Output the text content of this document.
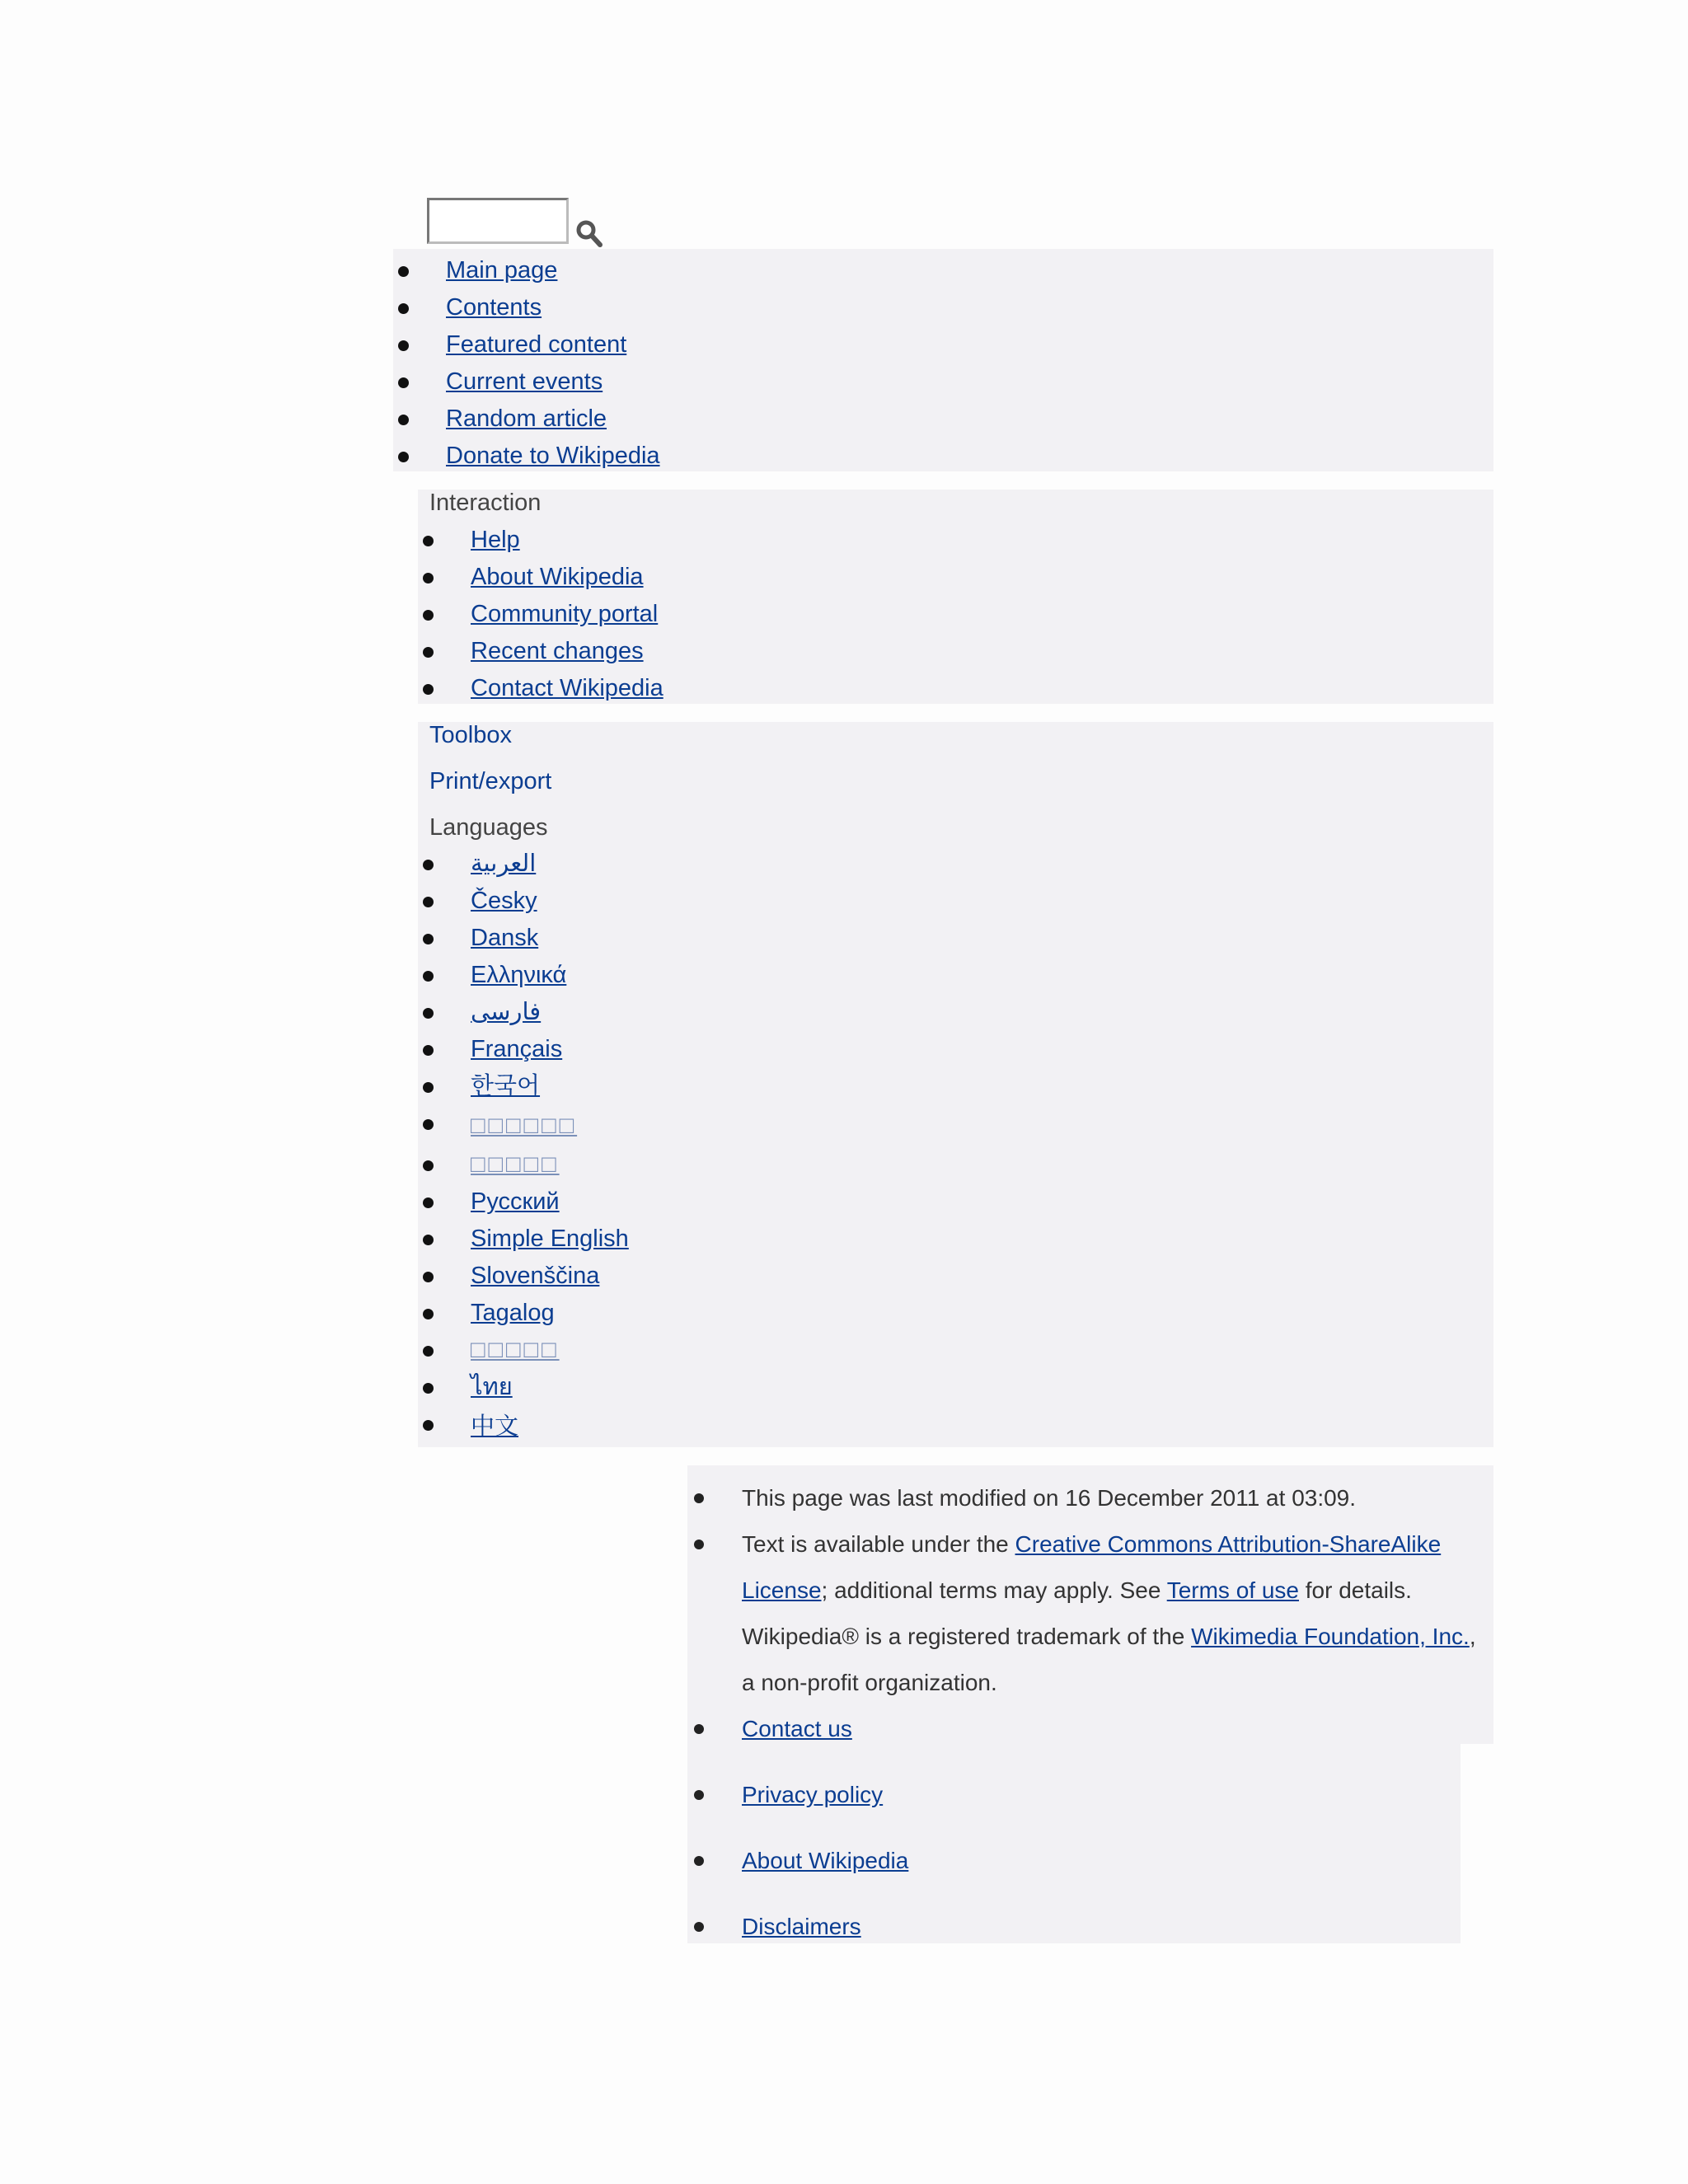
Main page
Contents
Featured content
Current events
Random article
Donate to Wikipedia
Interaction
Help
About Wikipedia
Community portal
Recent changes
Contact Wikipedia
Toolbox
Print/export
Languages
العربية
Česky
Dansk
Ελληνικά
فارسی
Français
한국어
□□□□□□
□□□□□
Русский
Simple English
Slovenščina
Tagalog
□□□□□
ไทย
中文
This page was last modified on 16 December 2011 at 03:09.
Text is available under the Creative Commons Attribution-ShareAlike
License; additional terms may apply. See Terms of use for details.
Wikipedia® is a registered trademark of the Wikimedia Foundation, Inc.,
a non-profit organization.
Contact us
Privacy policy
About Wikipedia
Disclaimers
